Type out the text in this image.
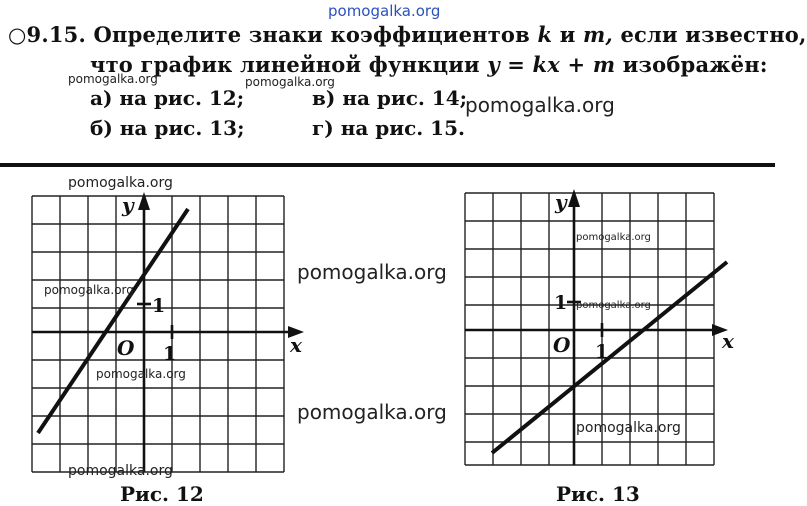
pomogalka.org
○9.15. Определите знаки коэффициентов k и m, если известно,
что график линейной функции y = kx + m изображён:
а) на рис. 12;	в) на рис. 14;
б) на рис. 13;	г) на рис. 15.
pomogalka.org	pomogalka.org
pomogalka.org
x
y
O 1
1
x
y
O 1
1
pomogalka.org
pomogalka.org
pomogalka.org
pomogalka.org
pomogalka.org
pomogalka.org
pomogalka.org
pomogalka.org
pomogalka.org
Рис. 12	Рис. 13
